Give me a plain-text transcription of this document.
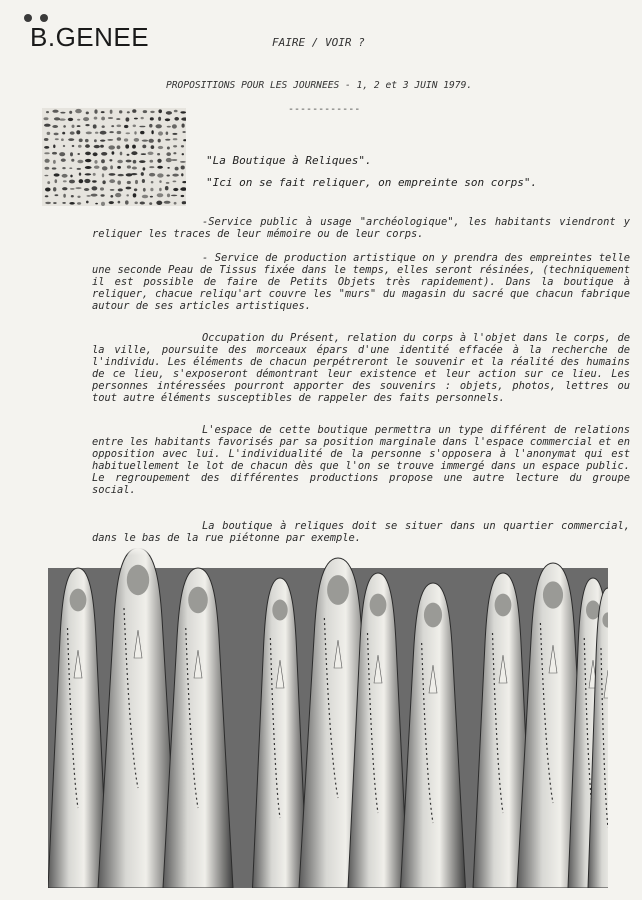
B.GENEE	FAIRE / VOIR ?
PROPOSITIONS POUR LES JOURNEES - 1, 2 et 3 JUIN 1979.
------------
"La Boutique à Reliques".
"Ici on se fait reliquer, on empreinte son corps".

-Service public à usage "archéologique", les habitants viendront y reliquer les traces de leur mémoire ou de leur corps.

- Service de production artistique on y prendra des empreintes telle une seconde Peau de Tissus fixée dans le temps, elles seront résinées, (techniquement il est possible de faire de Petits Objets très rapidement). Dans la boutique à reliquer, chacue reliqu'art couvre les "murs" du magasin du sacré que chacun fabrique autour de ses articles artistiques.

Occupation du Présent, relation du corps à l'objet dans le corps, de la ville, poursuite des morceaux épars d'une identité effacée à la recherche de l'individu. Les éléments de chacun perpétreront le souvenir et la réalité des humains de ce lieu, s'exposeront démontrant leur existence et leur action sur ce lieu. Les personnes intéressées pourront apporter des souvenirs : objets, photos, lettres ou tout autre éléments susceptibles de rappeler des faits personnels.

L'espace de cette boutique permettra un type différent de relations entre les habitants favorisés par sa position marginale dans l'espace commercial et en opposition avec lui. L'individualité de la personne s'opposera à l'anonymat qui est habituellement le lot de chacun dès que l'on se trouve immergé dans un espace public. Le regroupement des différentes productions propose une autre lecture du groupe social.

La boutique à reliques doit se situer dans un quartier commercial, dans le bas de la rue piétonne par exemple.
